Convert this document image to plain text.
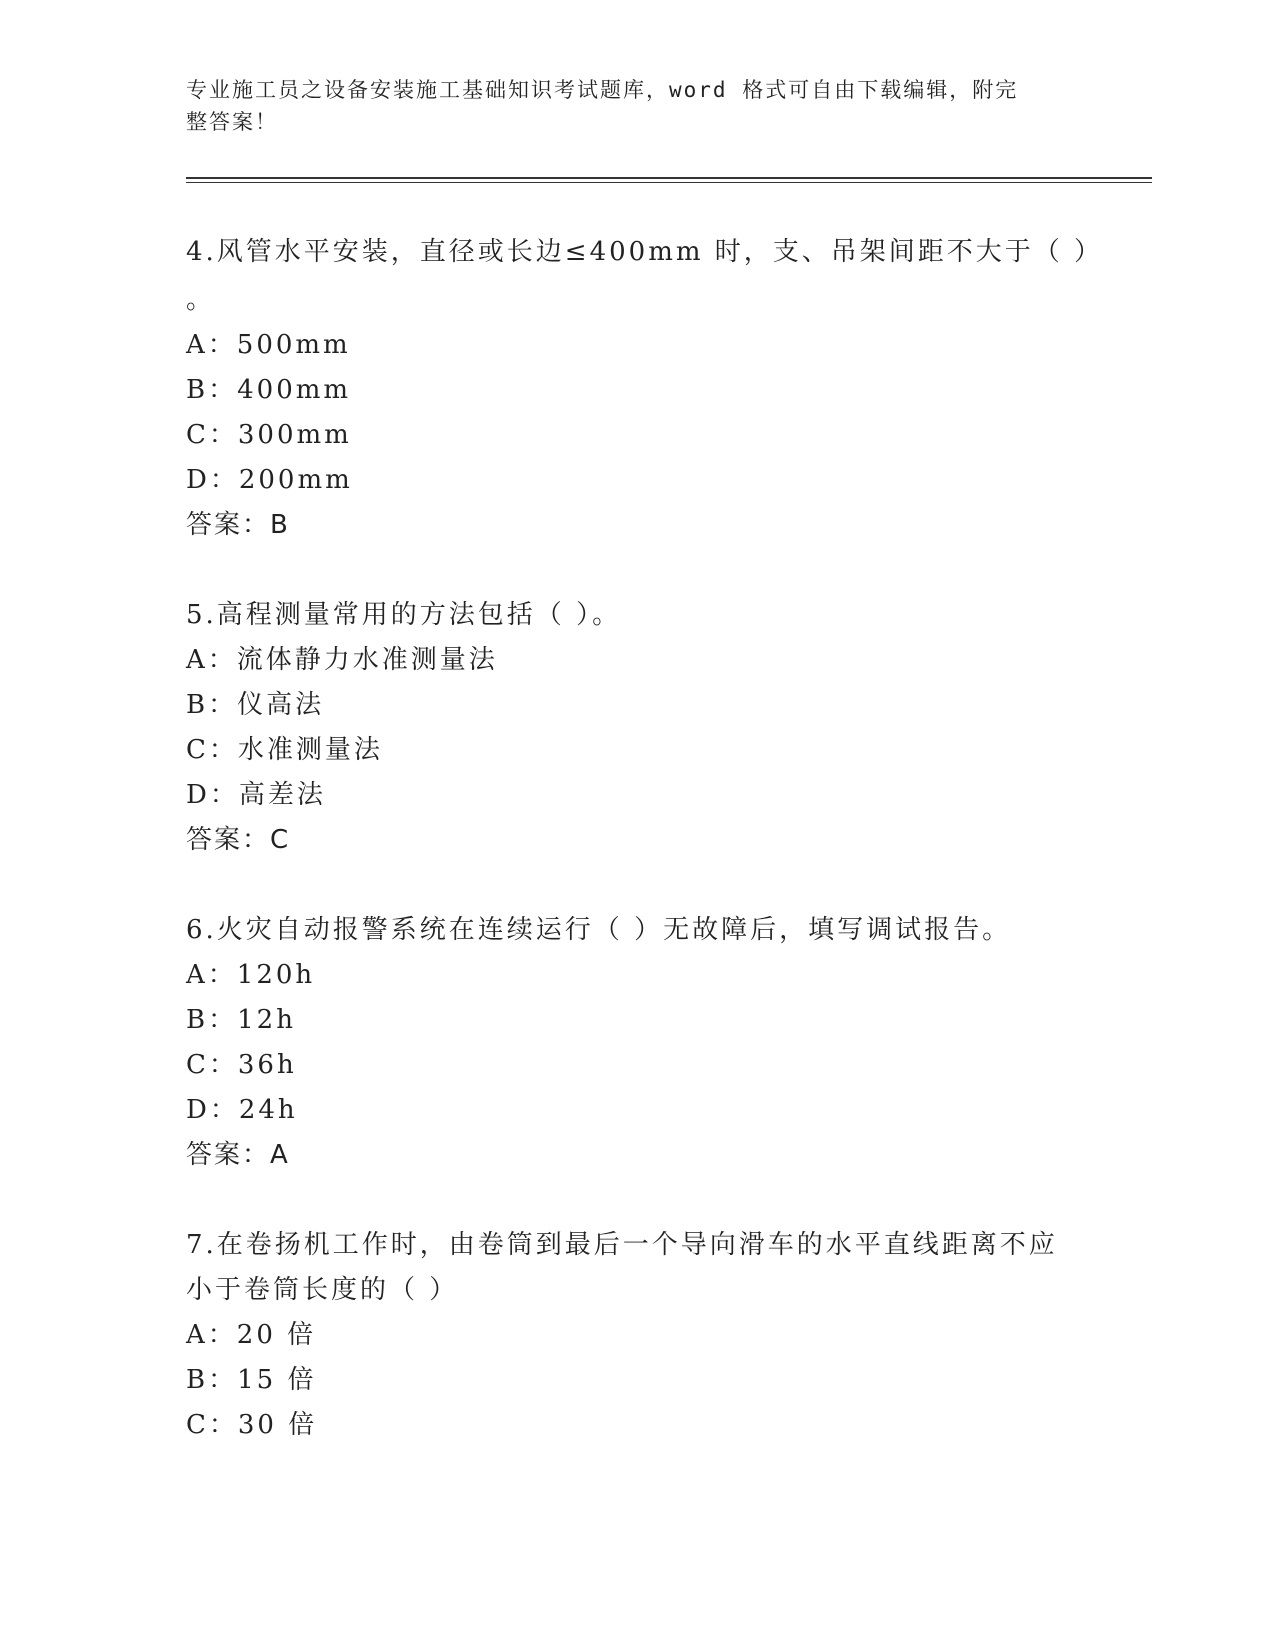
专业施工员之设备安装施工基础知识考试题库，word 格式可自由下载编辑，附完
整答案！
4.风管水平安装，直径或长边≤400mm 时，支、吊架间距不大于（ ）
。
A：500mm
B：400mm
C：300mm
D：200mm
答案：B
5.高程测量常用的方法包括（ ）。
A：流体静力水准测量法
B：仪高法
C：水准测量法
D：高差法
答案：C
6.火灾自动报警系统在连续运行（ ）无故障后，填写调试报告。
A：120h
B：12h
C：36h
D：24h
答案：A
7.在卷扬机工作时，由卷筒到最后一个导向滑车的水平直线距离不应
小于卷筒长度的（ ）
A：20 倍
B：15 倍
C：30 倍
